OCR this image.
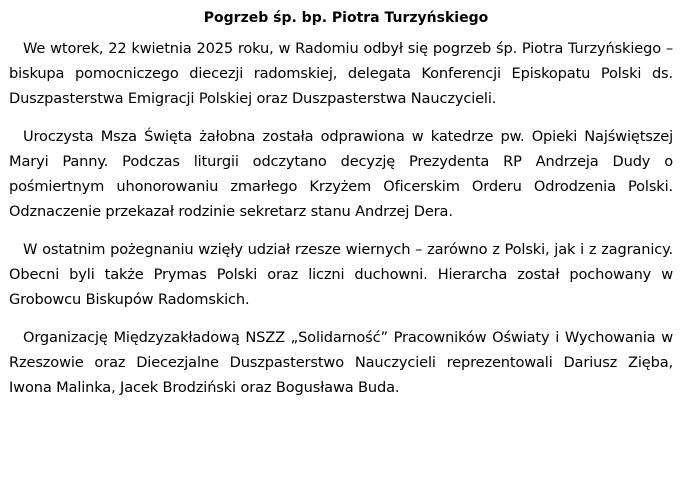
Pogrzeb śp. bp. Piotra Turzyńskiego

We wtorek, 22 kwietnia 2025 roku, w Radomiu odbył się pogrzeb śp. Piotra Turzyńskiego – biskupa pomocniczego diecezji radomskiej, delegata Konferencji Episkopatu Polski ds. Duszpasterstwa Emigracji Polskiej oraz Duszpasterstwa Nauczycieli.

Uroczysta Msza Święta żałobna została odprawiona w katedrze pw. Opieki Najświętszej Maryi Panny. Podczas liturgii odczytano decyzję Prezydenta RP Andrzeja Dudy o pośmiertnym uhonorowaniu zmarłego Krzyżem Oficerskim Orderu Odrodzenia Polski. Odznaczenie przekazał rodzinie sekretarz stanu Andrzej Dera.

W ostatnim pożegnaniu wzięły udział rzesze wiernych – zarówno z Polski, jak i z zagranicy. Obecni byli także Prymas Polski oraz liczni duchowni. Hierarcha został pochowany w Grobowcu Biskupów Radomskich.

Organizację Międzyzakładową NSZZ „Solidarność” Pracowników Oświaty i Wychowania w Rzeszowie oraz Diecezjalne Duszpasterstwo Nauczycieli reprezentowali Dariusz Zięba, Iwona Malinka, Jacek Brodziński oraz Bogusława Buda.
